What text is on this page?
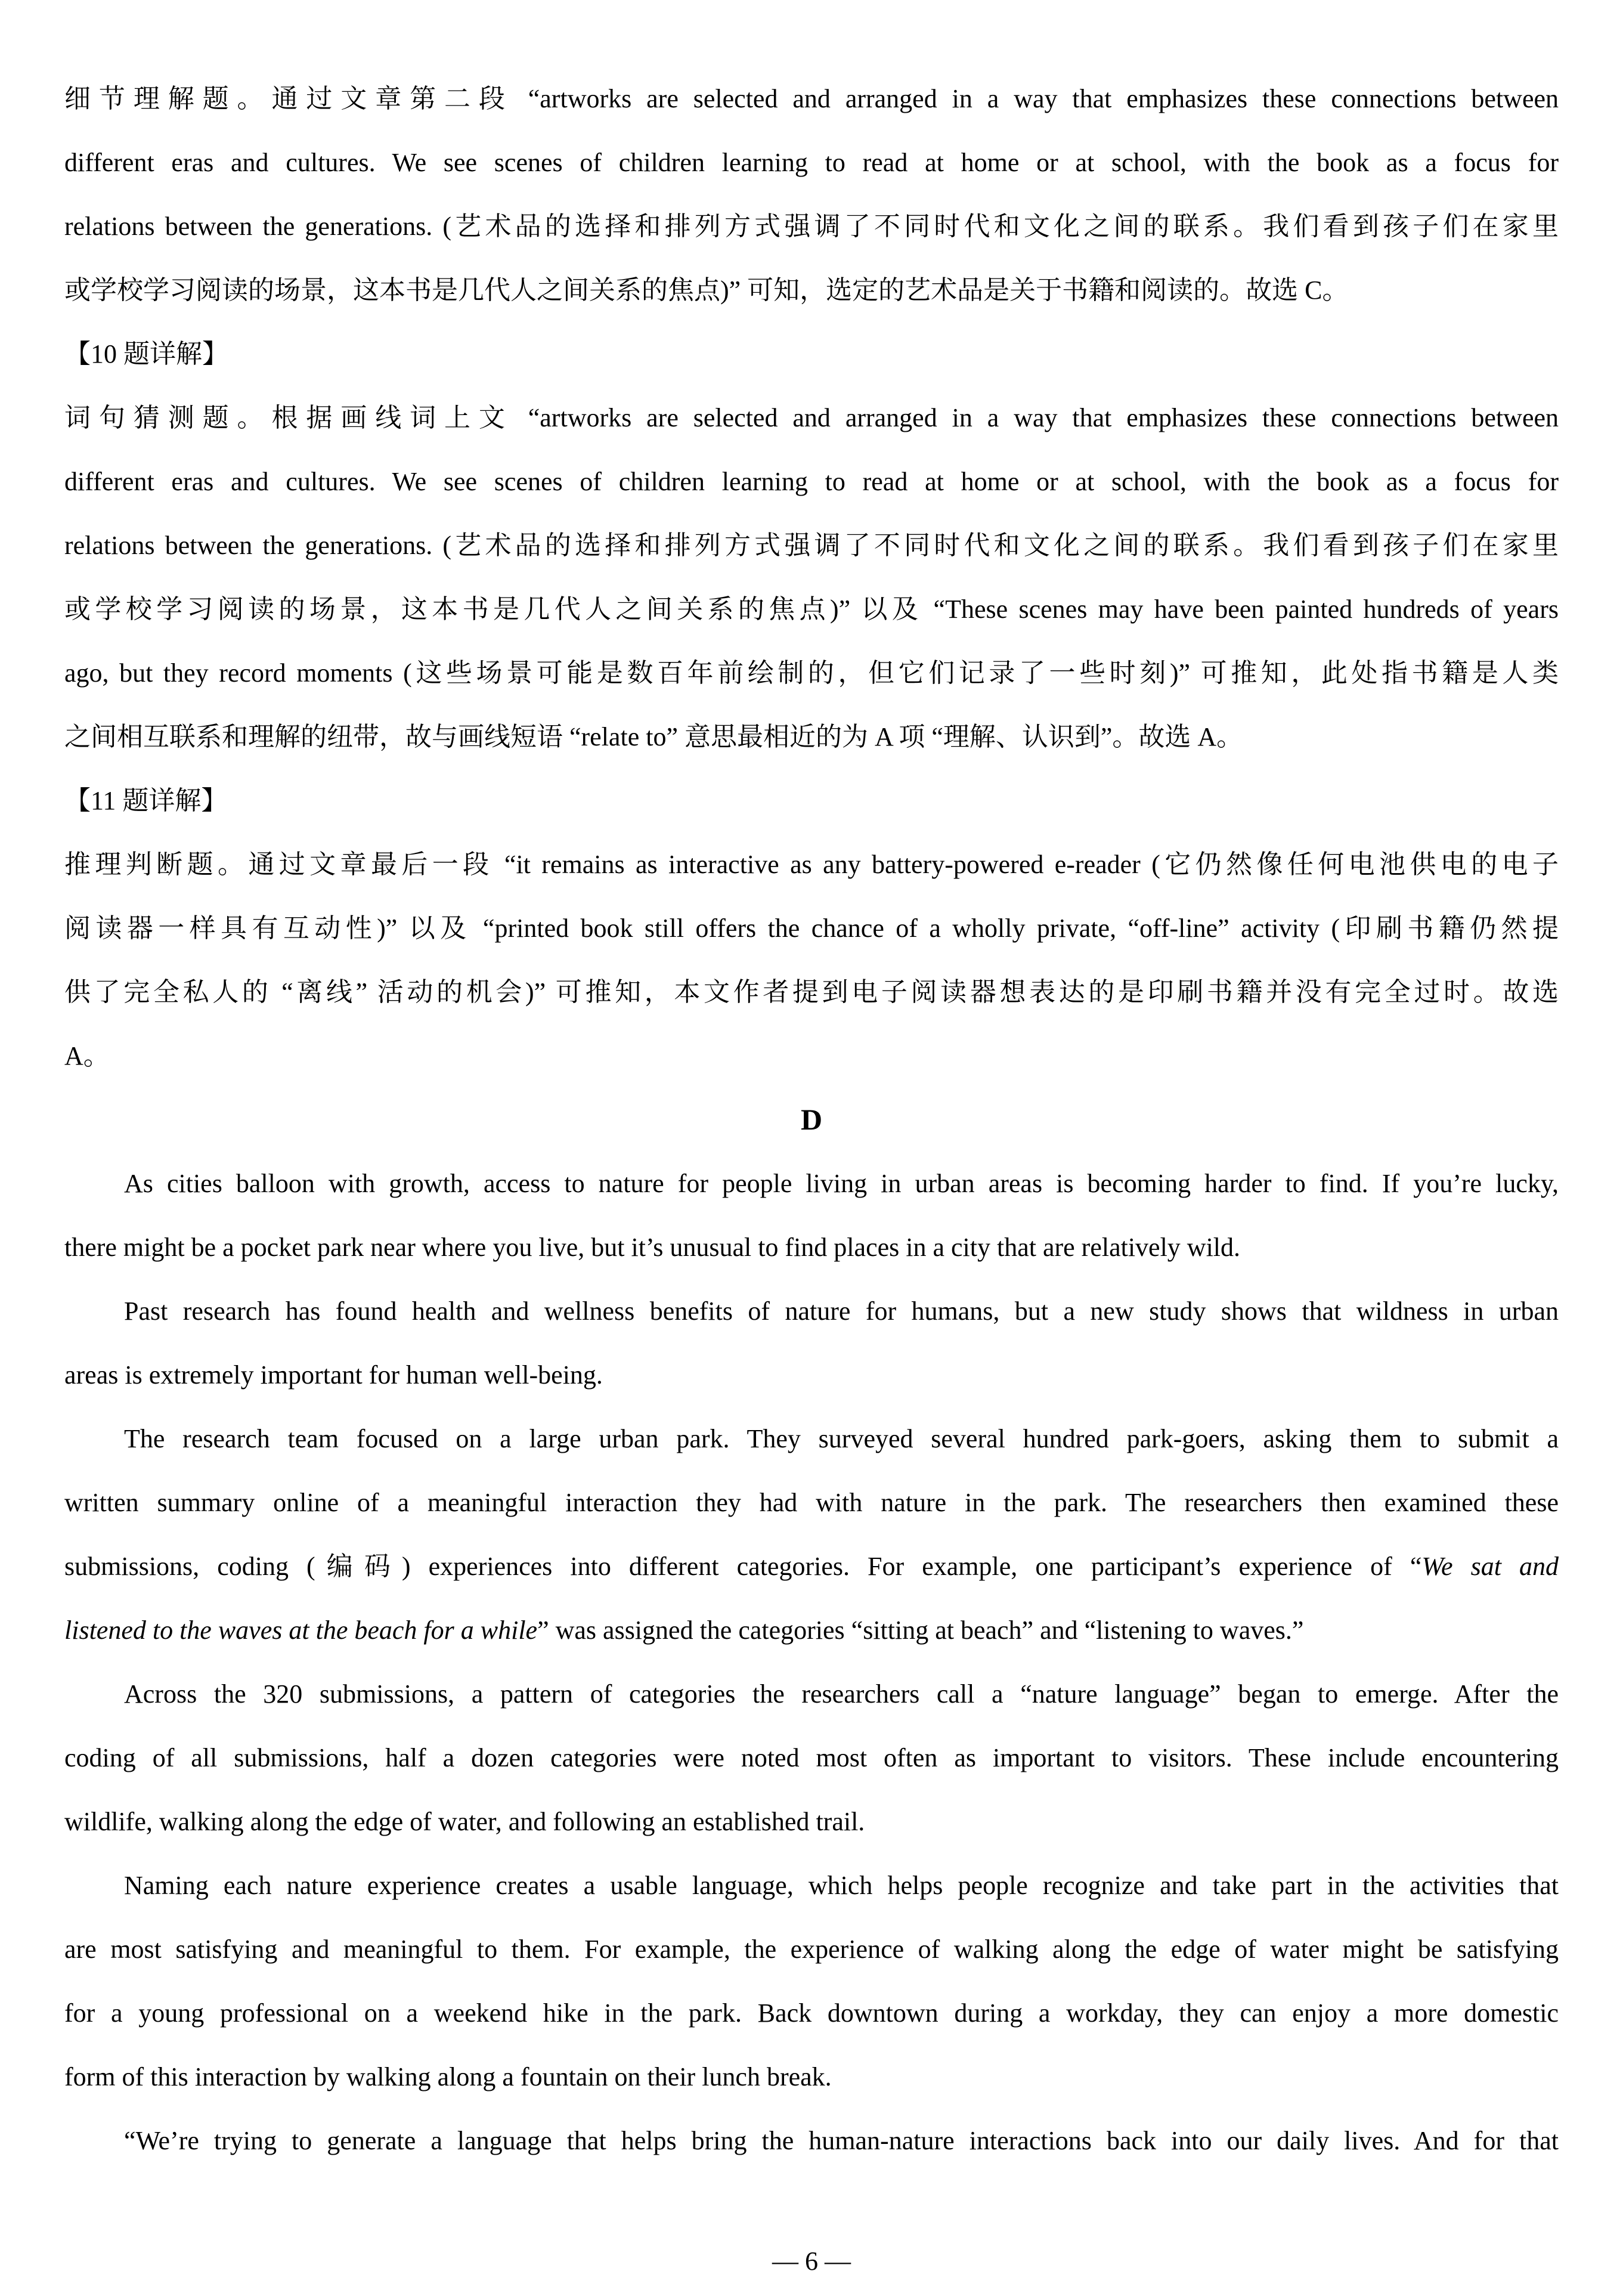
细节理解题。通过文章第二段 “artworks are selected and arranged in a way that emphasizes these connections between
different eras and cultures. We see scenes of children learning to read at home or at school, with the book as a focus for
relations between the generations. (艺术品的选择和排列方式强调了不同时代和文化之间的联系。我们看到孩子们在家里
或学校学习阅读的场景，这本书是几代人之间关系的焦点)” 可知，选定的艺术品是关于书籍和阅读的。故选 C。
【10 题详解】
词句猜测题。根据画线词上文 “artworks are selected and arranged in a way that emphasizes these connections between
different eras and cultures. We see scenes of children learning to read at home or at school, with the book as a focus for
relations between the generations. (艺术品的选择和排列方式强调了不同时代和文化之间的联系。我们看到孩子们在家里
或学校学习阅读的场景，这本书是几代人之间关系的焦点)” 以及 “These scenes may have been painted hundreds of years
ago, but they record moments (这些场景可能是数百年前绘制的，但它们记录了一些时刻)” 可推知，此处指书籍是人类
之间相互联系和理解的纽带，故与画线短语 “relate to” 意思最相近的为 A 项 “理解、认识到”。故选 A。
【11 题详解】
推理判断题。通过文章最后一段 “it remains as interactive as any battery-powered e-reader (它仍然像任何电池供电的电子
阅读器一样具有互动性)” 以及 “printed book still offers the chance of a wholly private, “off-line” activity (印刷书籍仍然提
供了完全私人的 “离线” 活动的机会)” 可推知，本文作者提到电子阅读器想表达的是印刷书籍并没有完全过时。故选
A。
D
As cities balloon with growth, access to nature for people living in urban areas is becoming harder to find. If you’re lucky,
there might be a pocket park near where you live, but it’s unusual to find places in a city that are relatively wild.
Past research has found health and wellness benefits of nature for humans, but a new study shows that wildness in urban
areas is extremely important for human well-being.
The research team focused on a large urban park. They surveyed several hundred park-goers, asking them to submit a
written summary online of a meaningful interaction they had with nature in the park. The researchers then examined these
submissions, coding (编码) experiences into different categories. For example, one participant’s experience of “We sat and
listened to the waves at the beach for a while” was assigned the categories “sitting at beach” and “listening to waves.”
Across the 320 submissions, a pattern of categories the researchers call a “nature language” began to emerge. After the
coding of all submissions, half a dozen categories were noted most often as important to visitors. These include encountering
wildlife, walking along the edge of water, and following an established trail.
Naming each nature experience creates a usable language, which helps people recognize and take part in the activities that
are most satisfying and meaningful to them. For example, the experience of walking along the edge of water might be satisfying
for a young professional on a weekend hike in the park. Back downtown during a workday, they can enjoy a more domestic
form of this interaction by walking along a fountain on their lunch break.
“We’re trying to generate a language that helps bring the human-nature interactions back into our daily lives. And for that
— 6 —
